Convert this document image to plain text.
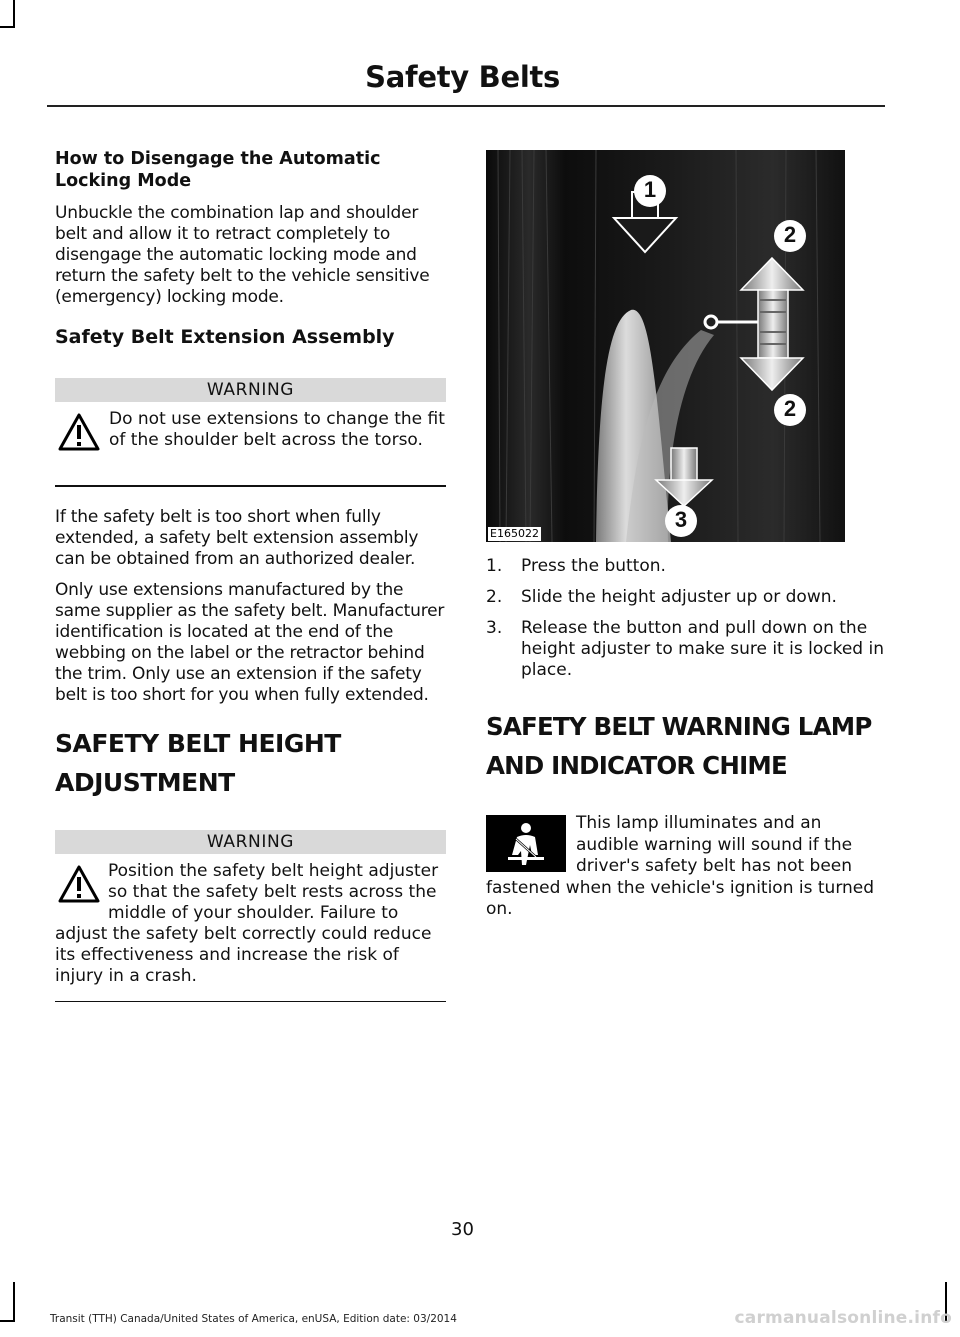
Safety Belts
How to Disengage the Automatic Locking Mode
Unbuckle the combination lap and shoulder belt and allow it to retract completely to disengage the automatic locking mode and return the safety belt to the vehicle sensitive (emergency) locking mode.
Safety Belt Extension Assembly
WARNING
Do not use extensions to change the fit of the shoulder belt across the torso.
If the safety belt is too short when fully extended, a safety belt extension assembly can be obtained from an authorized dealer.
Only use extensions manufactured by the same supplier as the safety belt. Manufacturer identification is located at the end of the webbing on the label or the retractor behind the trim. Only use an extension if the safety belt is too short for you when fully extended.
SAFETY BELT HEIGHT
ADJUSTMENT
WARNING
Position the safety belt height adjuster so that the safety belt rests across the middle of your shoulder. Failure to adjust the safety belt correctly could reduce its effectiveness and increase the risk of injury in a crash.
1
2
2
3
E165022
1.	Press the button.
2.	Slide the height adjuster up or down.
3.	Release the button and pull down on the height adjuster to make sure it is locked in place.
SAFETY BELT WARNING LAMP
AND INDICATOR CHIME
This lamp illuminates and an audible warning will sound if the driver's safety belt has not been fastened when the vehicle's ignition is turned on.
30
Transit (TTH) Canada/United States of America, enUSA, Edition date: 03/2014	carmanualsonline.info
